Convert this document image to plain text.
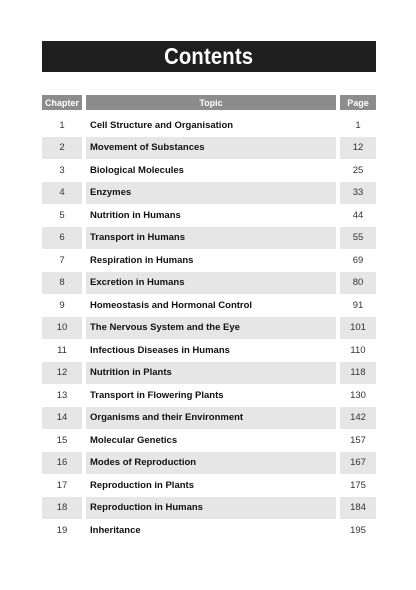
Contents
Chapter	Topic	Page
1	Cell Structure and Organisation	1
2	Movement of Substances	12
3	Biological Molecules	25
4	Enzymes	33
5	Nutrition in Humans	44
6	Transport in Humans	55
7	Respiration in Humans	69
8	Excretion in Humans	80
9	Homeostasis and Hormonal Control	91
10	The Nervous System and the Eye	101
11	Infectious Diseases in Humans	110
12	Nutrition in Plants	118
13	Transport in Flowering Plants	130
14	Organisms and their Environment	142
15	Molecular Genetics	157
16	Modes of Reproduction	167
17	Reproduction in Plants	175
18	Reproduction in Humans	184
19	Inheritance	195
